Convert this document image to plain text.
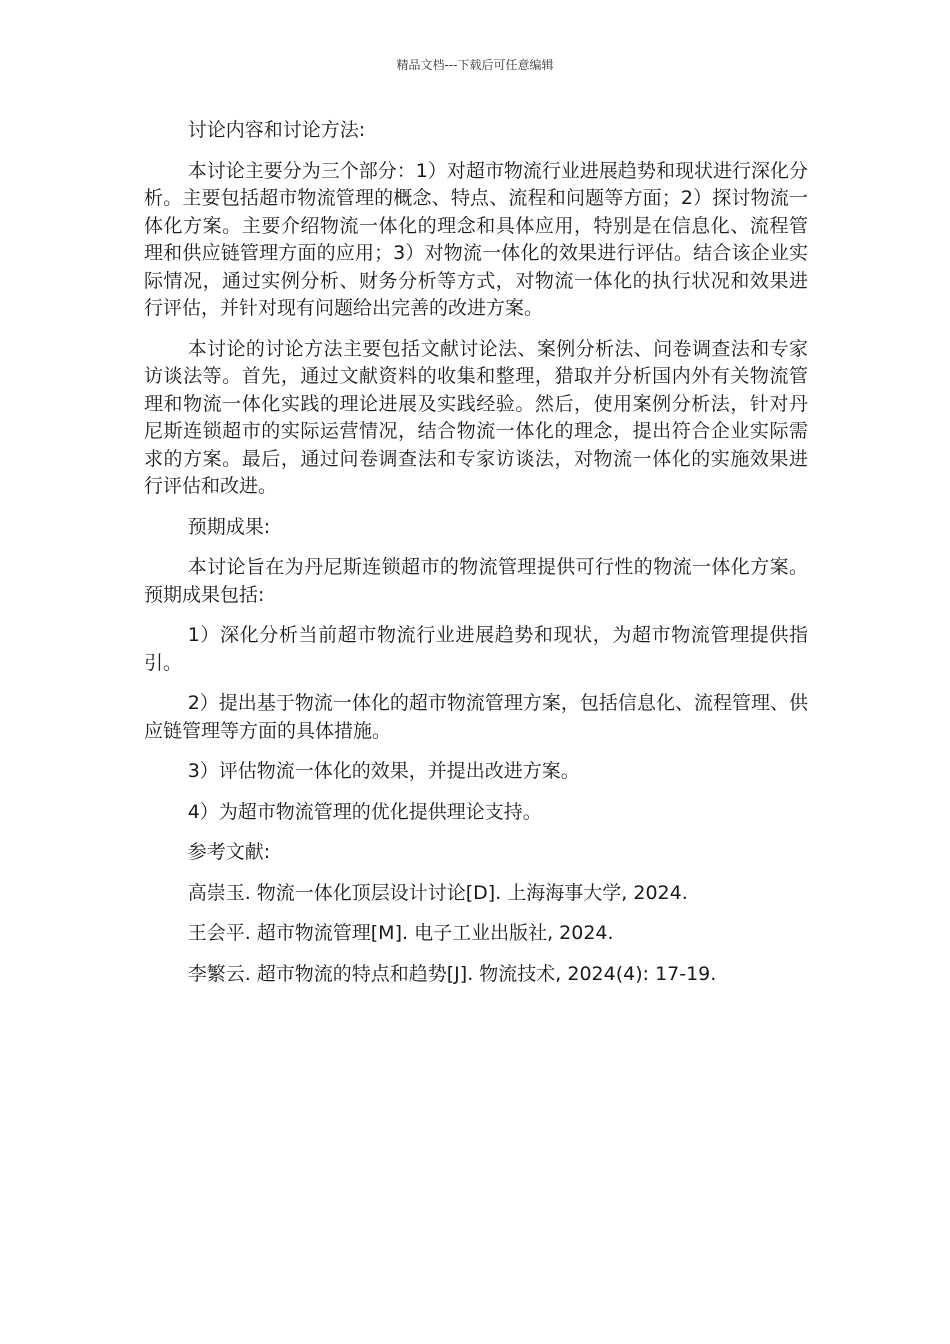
精品文档---下载后可任意编辑

讨论内容和讨论方法:

本讨论主要分为三个部分：1）对超市物流行业进展趋势和现状进行深化分析。主要包括超市物流管理的概念、特点、流程和问题等方面；2）探讨物流一体化方案。主要介绍物流一体化的理念和具体应用，特别是在信息化、流程管理和供应链管理方面的应用；3）对物流一体化的效果进行评估。结合该企业实际情况，通过实例分析、财务分析等方式，对物流一体化的执行状况和效果进行评估，并针对现有问题给出完善的改进方案。

本讨论的讨论方法主要包括文献讨论法、案例分析法、问卷调查法和专家访谈法等。首先，通过文献资料的收集和整理，猎取并分析国内外有关物流管理和物流一体化实践的理论进展及实践经验。然后，使用案例分析法，针对丹尼斯连锁超市的实际运营情况，结合物流一体化的理念，提出符合企业实际需求的方案。最后，通过问卷调查法和专家访谈法，对物流一体化的实施效果进行评估和改进。

预期成果:

本讨论旨在为丹尼斯连锁超市的物流管理提供可行性的物流一体化方案。预期成果包括:

1）深化分析当前超市物流行业进展趋势和现状，为超市物流管理提供指引。

2）提出基于物流一体化的超市物流管理方案，包括信息化、流程管理、供应链管理等方面的具体措施。

3）评估物流一体化的效果，并提出改进方案。

4）为超市物流管理的优化提供理论支持。

参考文献:

高崇玉. 物流一体化顶层设计讨论[D]. 上海海事大学, 2024.

王会平. 超市物流管理[M]. 电子工业出版社, 2024.

李繁云. 超市物流的特点和趋势[J]. 物流技术, 2024(4): 17-19.
